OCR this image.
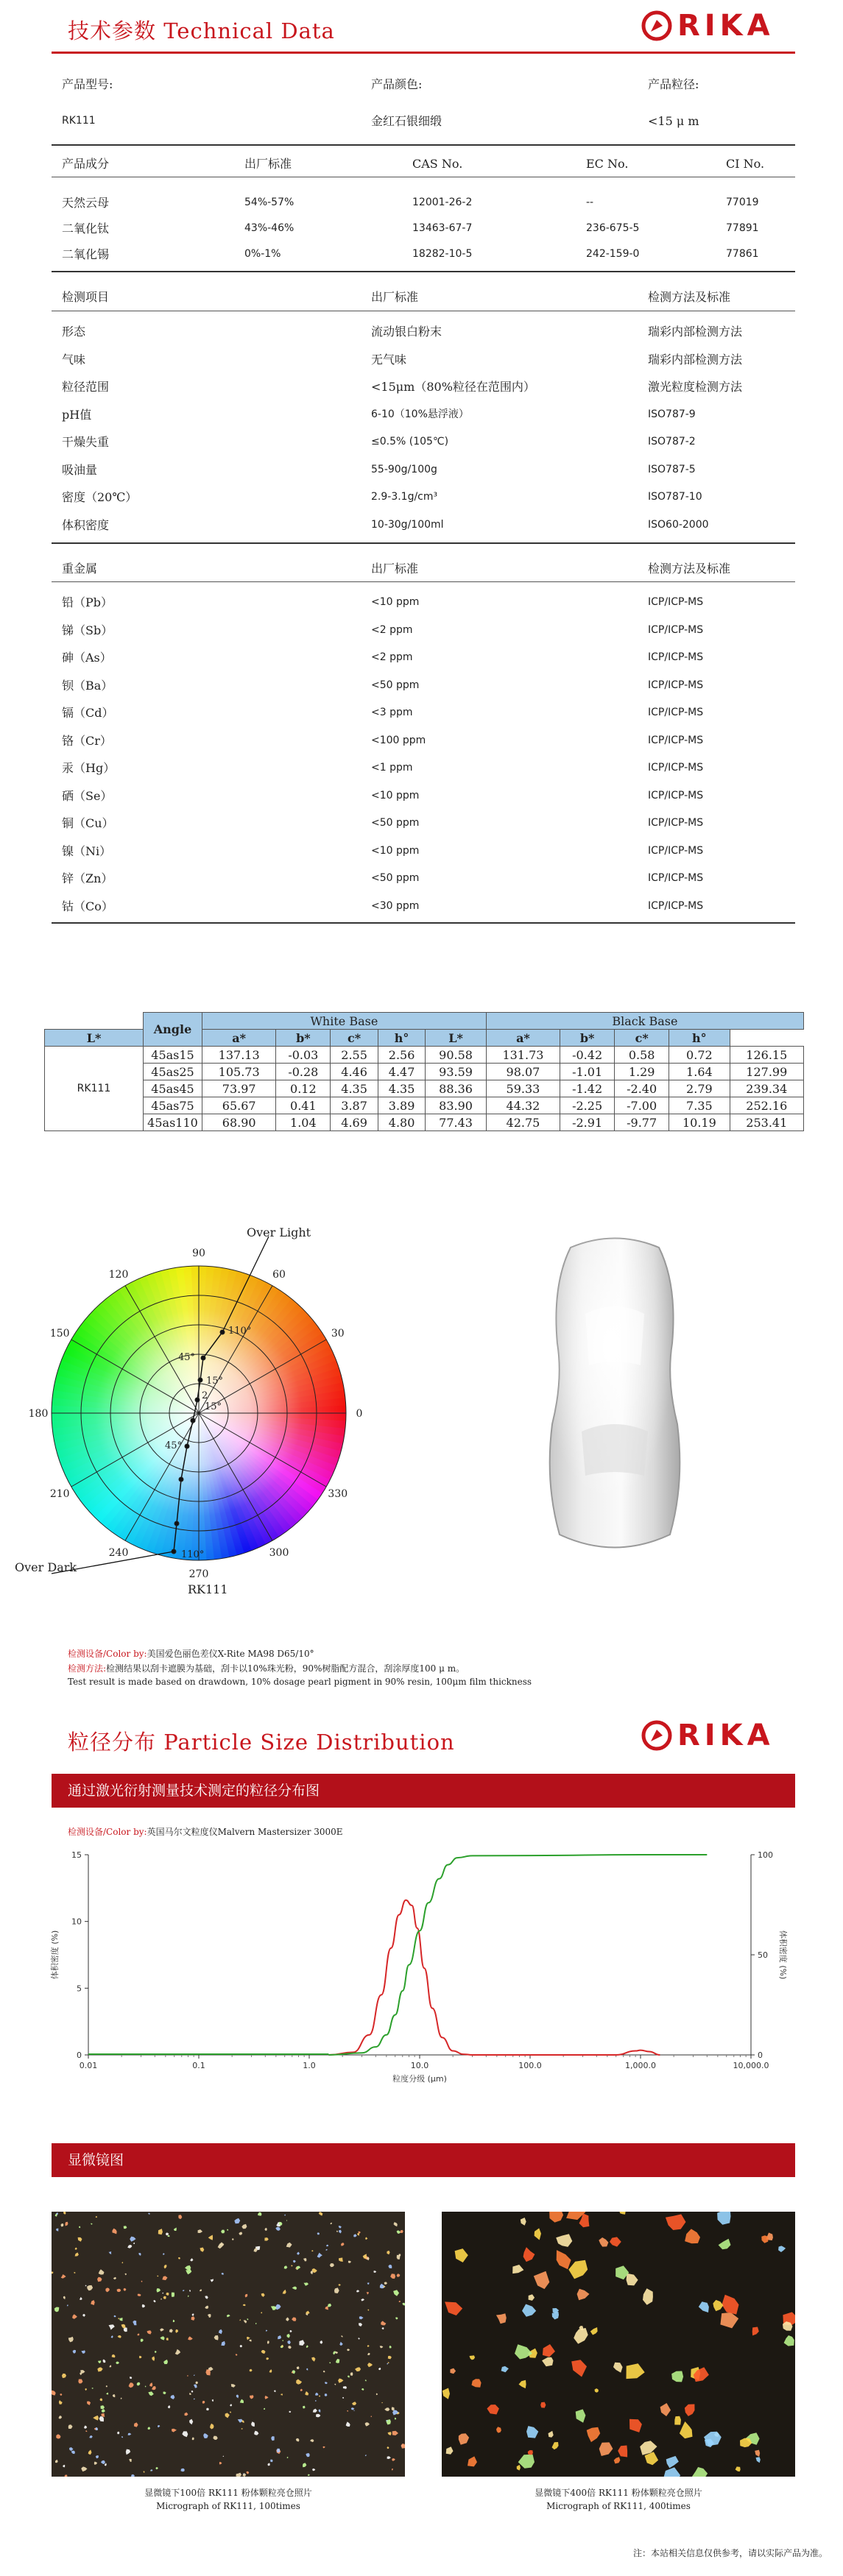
技术参数 Technical Data	RIKA
产品型号:	产品颜色:	产品粒径:
RK111	金红石银细缎	<15 μ m
	Angle	White Base					Black Base				
L*		a*	b*	c*	h°	L*	a*	b*	c*	h°	
RK111	45as15	137.13	-0.03	2.55	2.56	90.58	131.73	-0.42	0.58	0.72	126.15
	45as25	105.73	-0.28	4.46	4.47	93.59	98.07	-1.01	1.29	1.64	127.99
	45as45	73.97	0.12	4.35	4.35	88.36	59.33	-1.42	-2.40	2.79	239.34
	45as75	65.67	0.41	3.87	3.89	83.90	44.32	-2.25	-7.00	7.35	252.16
	45as110	68.90	1.04	4.69	4.80	77.43	42.75	-2.91	-9.77	10.19	253.41
90
60
30
0
330
300
270
240
210
180
150
120
110°
45°
15°
15°
45°
110°
2
Over Light
Over Dark
RK111
检测设备/Color by:美国爱色丽色差仪X-Rite MA98 D65/10°
检测方法:检测结果以刮卡遮膜为基础，刮卡以10%珠光粉，90%树脂配方混合，刮涂厚度100 μ m。
Test result is made based on drawdown, 10% dosage pearl pigment in 90% resin, 100μm film thickness
粒径分布 Particle Size Distribution	RIKA
通过激光衍射测量技术测定的粒径分布图
检测设备/Color by:英国马尔文粒度仪Malvern Mastersizer 3000E
0.01	0.1	1.0	10.0	100.0	1,000.0	10,000.0
0
5
10
15
0
50
100
粒度分级 (μm)
体积密度 (%)	体积密度 (%)
显微镜图
显微镜下100倍 RK111 粉体颗粒亮仓照片
Micrograph of RK111, 100times
显微镜下400倍 RK111 粉体颗粒亮仓照片
Micrograph of RK111, 400times
注：本站相关信息仅供参考，请以实际产品为准。
产品成分	出厂标准	CAS No.	EC No.	CI No.
天然云母	54%-57%	12001-26-2	--	77019
二氧化钛	43%-46%	13463-67-7	236-675-5	77891
二氧化锡	0%-1%	18282-10-5	242-159-0	77861
检测项目	出厂标准	检测方法及标准
形态	流动银白粉末	瑞彩内部检测方法
气味	无气味	瑞彩内部检测方法
粒径范围	<15μm（80%粒径在范围内）	激光粒度检测方法
pH值	6-10（10%悬浮液）	ISO787-9
干燥失重	≤0.5% (105℃)	ISO787-2
吸油量	55-90g/100g	ISO787-5
密度（20℃）	2.9-3.1g/cm³	ISO787-10
体积密度	10-30g/100ml	ISO60-2000
重金属	出厂标准	检测方法及标准
铅（Pb）	<10 ppm	ICP/ICP-MS
锑（Sb）	<2 ppm	ICP/ICP-MS
砷（As）	<2 ppm	ICP/ICP-MS
钡（Ba）	<50 ppm	ICP/ICP-MS
镉（Cd）	<3 ppm	ICP/ICP-MS
铬（Cr）	<100 ppm	ICP/ICP-MS
汞（Hg）	<1 ppm	ICP/ICP-MS
硒（Se）	<10 ppm	ICP/ICP-MS
铜（Cu）	<50 ppm	ICP/ICP-MS
镍（Ni）	<10 ppm	ICP/ICP-MS
锌（Zn）	<50 ppm	ICP/ICP-MS
钴（Co）	<30 ppm	ICP/ICP-MS
